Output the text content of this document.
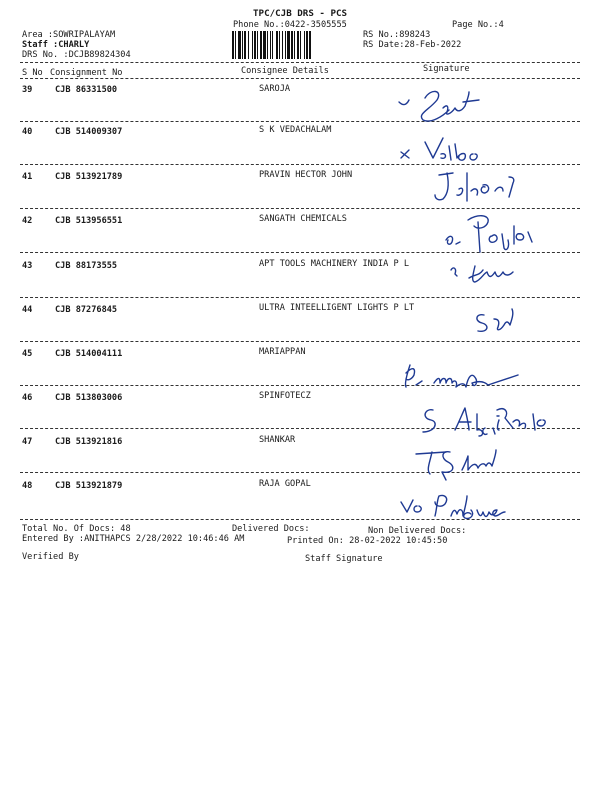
TPC/CJB DRS - PCS
Phone No.:0422-3505555	Page No.:4
Area :SOWRIPALAYAM
Staff :CHARLY
DRS No. :DCJB89824304
RS No.:898243
RS Date:28-Feb-2022
S No Consignment No	Consignee Details	Signature
39	CJB 86331500	SAROJA
40	CJB 514009307	S K VEDACHALAM
41	CJB 513921789	PRAVIN HECTOR JOHN
42	CJB 513956551	SANGATH CHEMICALS
43	CJB 88173555	APT TOOLS MACHINERY INDIA P L
44	CJB 87276845	ULTRA INTEELLIGENT LIGHTS P LT
45	CJB 514004111	MARIAPPAN
46	CJB 513803006	SPINFOTECZ
47	CJB 513921816	SHANKAR
48	CJB 513921879	RAJA GOPAL
Total No. Of Docs: 48	Delivered Docs:	Non Delivered Docs:
Entered By :ANITHAPCS 2/28/2022 10:46:46 AM	Printed On: 28-02-2022 10:45:50
Verified By	Staff Signature
